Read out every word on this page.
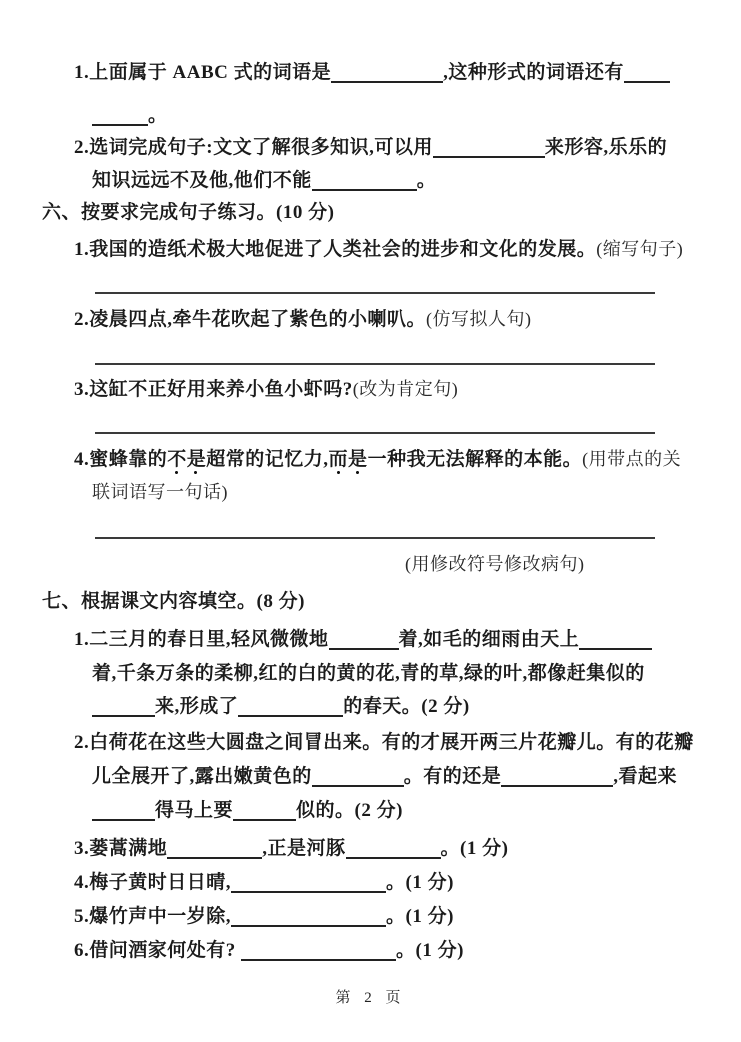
1.上面属于 AABC 式的词语是	,这种形式的词语还有
。
2.选词完成句子:文文了解很多知识,可以用	来形容,乐乐的
知识远远不及他,他们不能	。
六、按要求完成句子练习。(10 分)
1.我国的造纸术极大地促进了人类社会的进步和文化的发展。(缩写句子)
2.凌晨四点,牵牛花吹起了紫色的小喇叭。(仿写拟人句)
3.这缸不正好用来养小鱼小虾吗?(改为肯定句)
4.蜜蜂靠的不是超常的记忆力,而是一种我无法解释的本能。(用带点的关
联词语写一句话)
(用修改符号修改病句)
七、根据课文内容填空。(8 分)
1.二三月的春日里,轻风微微地	着,如毛的细雨由天上
着,千条万条的柔柳,红的白的黄的花,青的草,绿的叶,都像赶集似的
来,形成了	的春天。(2 分)
2.白荷花在这些大圆盘之间冒出来。有的才展开两三片花瓣儿。有的花瓣
儿全展开了,露出嫩黄色的	。有的还是	,看起来
得马上要	似的。(2 分)
3.蒌蒿满地	,正是河豚	。(1 分)
4.梅子黄时日日晴,	。(1 分)
5.爆竹声中一岁除,	。(1 分)
6.借问酒家何处有?	。(1 分)
第 2 页
